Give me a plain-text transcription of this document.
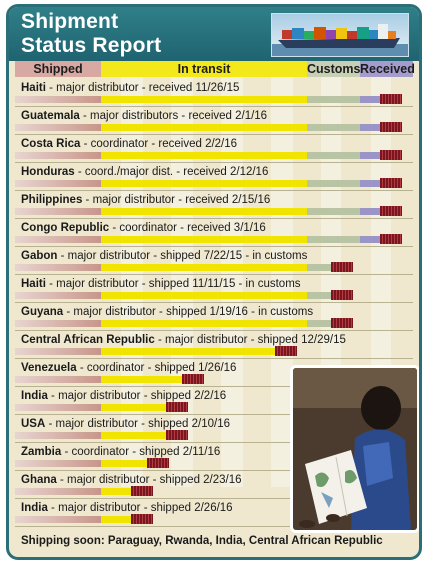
Shipment
Status Report
Shipped	In transit	Customs Received
Haiti - major distributor - received 11/26/15
Guatemala - major distributors - received 2/1/16
Costa Rica - coordinator - received 2/2/16
Honduras - coord./major dist. - received 2/12/16
Philippines - major distributor - received 2/15/16
Congo Republic - coordinator - received 3/1/16
Gabon - major distributor - shipped 7/22/15 - in customs
Haiti - major distributor - shipped 11/11/15 - in customs
Guyana - major distributor - shipped 1/19/16 - in customs
Central African Republic - major distributor - shipped 12/29/15
Venezuela - coordinator - shipped 1/26/16
India - major distributor - shipped 2/2/16
USA - major distributor - shipped 2/10/16
Zambia - coordinator - shipped 2/11/16
Ghana - major distributor - shipped 2/23/16
India - major distributor - shipped 2/26/16
Shipping soon: Paraguay, Rwanda, India, Central African Republic
